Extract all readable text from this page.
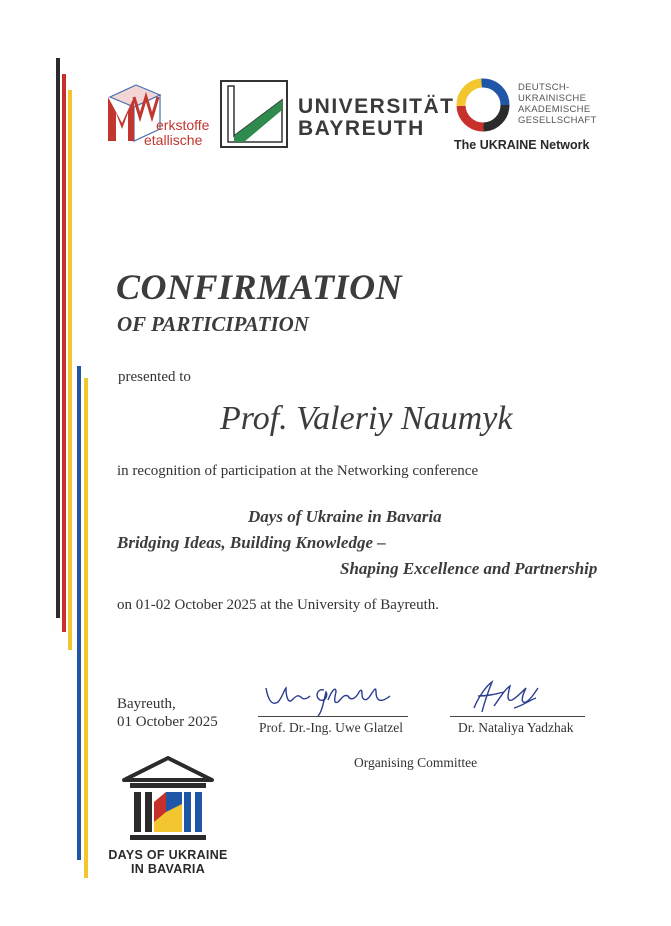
erkstoffe
etallische
UNIVERSITÄT
BAYREUTH
DEUTSCH-
UKRAINISCHE
AKADEMISCHE
GESELLSCHAFT
The UKRAINE Network
CONFIRMATION
OF PARTICIPATION
presented to
Prof. Valeriy Naumyk
in recognition of participation at the Networking conference
Days of Ukraine in Bavaria
Bridging Ideas, Building Knowledge –
Shaping Excellence and Partnership
on 01-02 October 2025 at the University of Bayreuth.
Bayreuth,
01 October 2025	Prof. Dr.-Ing. Uwe Glatzel	Dr. Nataliya Yadzhak
Organising Committee
DAYS OF UKRAINE
IN BAVARIA
